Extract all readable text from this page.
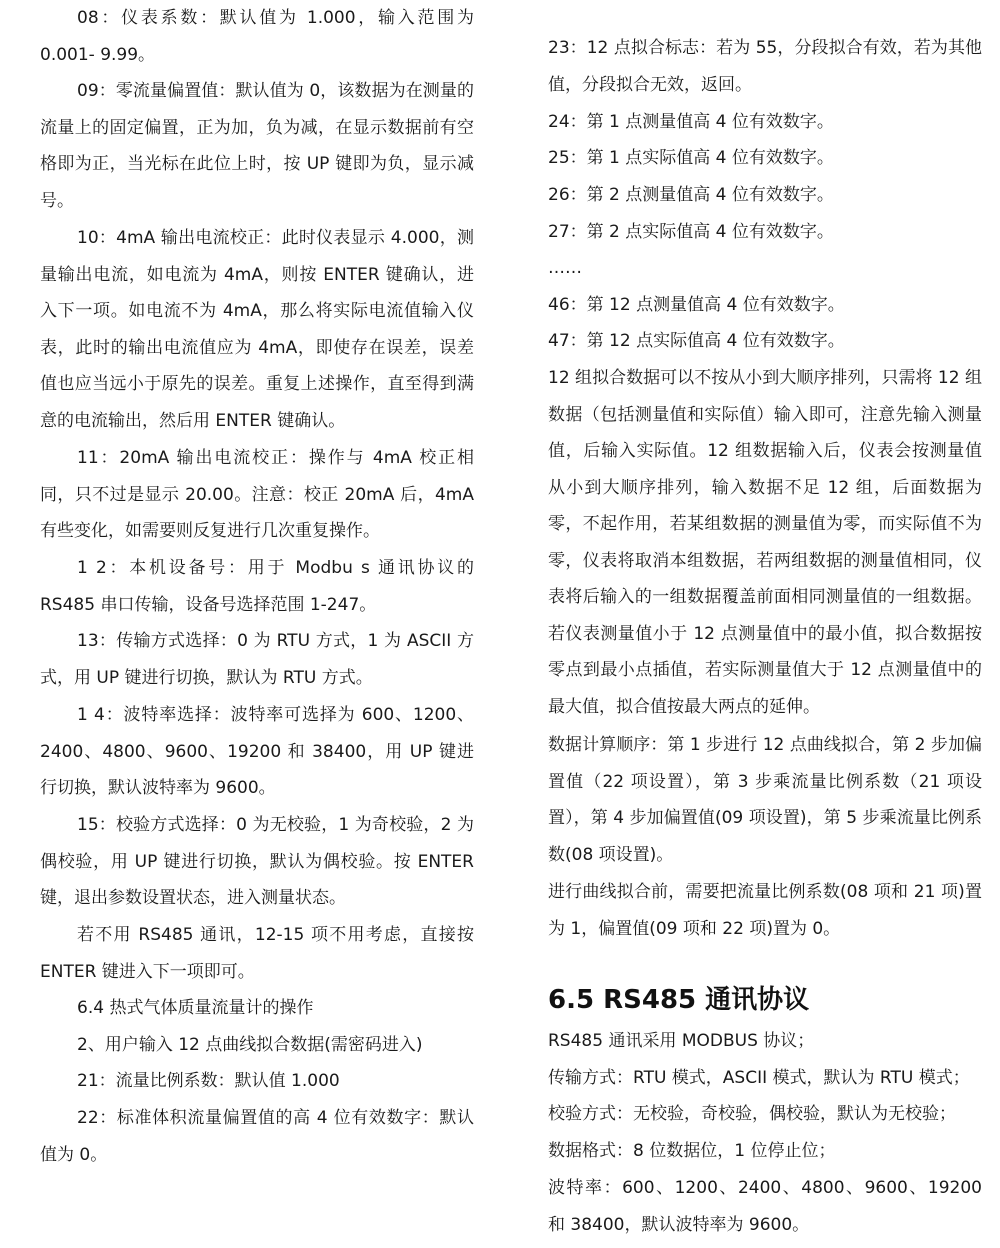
08：仪表系数：默认值为 1.000，输入范围为 0.001- 9.99。

09：零流量偏置值：默认值为 0，该数据为在测量的流量上的固定偏置，正为加，负为减，在显示数据前有空格即为正，当光标在此位上时，按 UP 键即为负，显示减号。

10：4mA 输出电流校正：此时仪表显示 4.000，测量输出电流，如电流为 4mA，则按 ENTER 键确认，进入下一项。如电流不为 4mA，那么将实际电流值输入仪表，此时的输出电流值应为 4mA，即使存在误差，误差值也应当远小于原先的误差。重复上述操作，直至得到满意的电流输出，然后用 ENTER 键确认。

11：20mA 输出电流校正：操作与 4mA 校正相同，只不过是显示 20.00。注意：校正 20mA 后，4mA 有些变化，如需要则反复进行几次重复操作。

1 2：本机设备号：用于 Modbu s 通讯协议的 RS485 串口传输，设备号选择范围 1-247。

13：传输方式选择：0 为 RTU 方式，1 为 ASCII 方式，用 UP 键进行切换，默认为 RTU 方式。

1 4：波特率选择：波特率可选择为 600、1200、2400、4800、9600、19200 和 38400，用 UP 键进行切换，默认波特率为 9600。

15：校验方式选择：0 为无校验，1 为奇校验，2 为偶校验，用 UP 键进行切换，默认为偶校验。按 ENTER 键，退出参数设置状态，进入测量状态。

若不用 RS485 通讯，12-15 项不用考虑，直接按 ENTER 键进入下一项即可。

6.4 热式气体质量流量计的操作

2、用户输入 12 点曲线拟合数据(需密码进入)

21：流量比例系数：默认值 1.000

22：标准体积流量偏置值的高 4 位有效数字：默认值为 0。

23：12 点拟合标志：若为 55，分段拟合有效，若为其他值，分段拟合无效，返回。

24：第 1 点测量值高 4 位有效数字。

25：第 1 点实际值高 4 位有效数字。

26：第 2 点测量值高 4 位有效数字。

27：第 2 点实际值高 4 位有效数字。

……

46：第 12 点测量值高 4 位有效数字。

47：第 12 点实际值高 4 位有效数字。

12 组拟合数据可以不按从小到大顺序排列，只需将 12 组数据（包括测量值和实际值）输入即可，注意先输入测量值，后输入实际值。12 组数据输入后，仪表会按测量值从小到大顺序排列，输入数据不足 12 组，后面数据为零，不起作用，若某组数据的测量值为零，而实际值不为零，仪表将取消本组数据，若两组数据的测量值相同，仪表将后输入的一组数据覆盖前面相同测量值的一组数据。若仪表测量值小于 12 点测量值中的最小值，拟合数据按零点到最小点插值，若实际测量值大于 12 点测量值中的最大值，拟合值按最大两点的延伸。

数据计算顺序：第 1 步进行 12 点曲线拟合，第 2 步加偏置值（22 项设置），第 3 步乘流量比例系数（21 项设置），第 4 步加偏置值(09 项设置)，第 5 步乘流量比例系数(08 项设置)。

进行曲线拟合前，需要把流量比例系数(08 项和 21 项)置为 1，偏置值(09 项和 22 项)置为 0。

6.5 RS485 通讯协议

RS485 通讯采用 MODBUS 协议；

传输方式：RTU 模式，ASCII 模式，默认为 RTU 模式；

校验方式：无校验，奇校验，偶校验，默认为无校验；

数据格式：8 位数据位，1 位停止位；

波特率：600、1200、2400、4800、9600、19200 和 38400，默认波特率为 9600。
